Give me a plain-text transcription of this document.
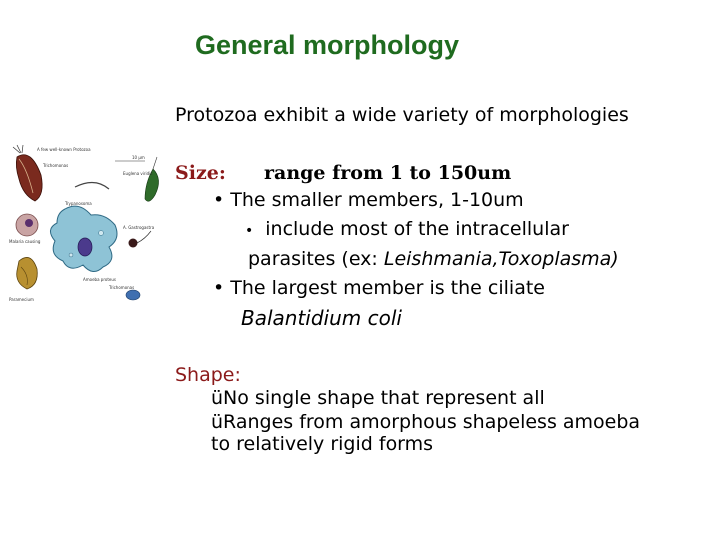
General morphology
A few well-known Protozoa
10 μm
Trichomonas
Euglena viridis
Trypanosoma
Malaria causing
Amoeba proteus
A. Gastrogastra
Paramecium
Trichomonas
Protozoa exhibit a wide variety of morphologies
Size: range from 1 to 150um
• The smaller members, 1-10um
• include most of the intracellular
parasites (ex: Leishmania,Toxoplasma)
• The largest member is the ciliate
Balantidium coli
Shape:
üNo single shape that represent all
üRanges from amorphous shapeless amoeba
to relatively rigid forms
